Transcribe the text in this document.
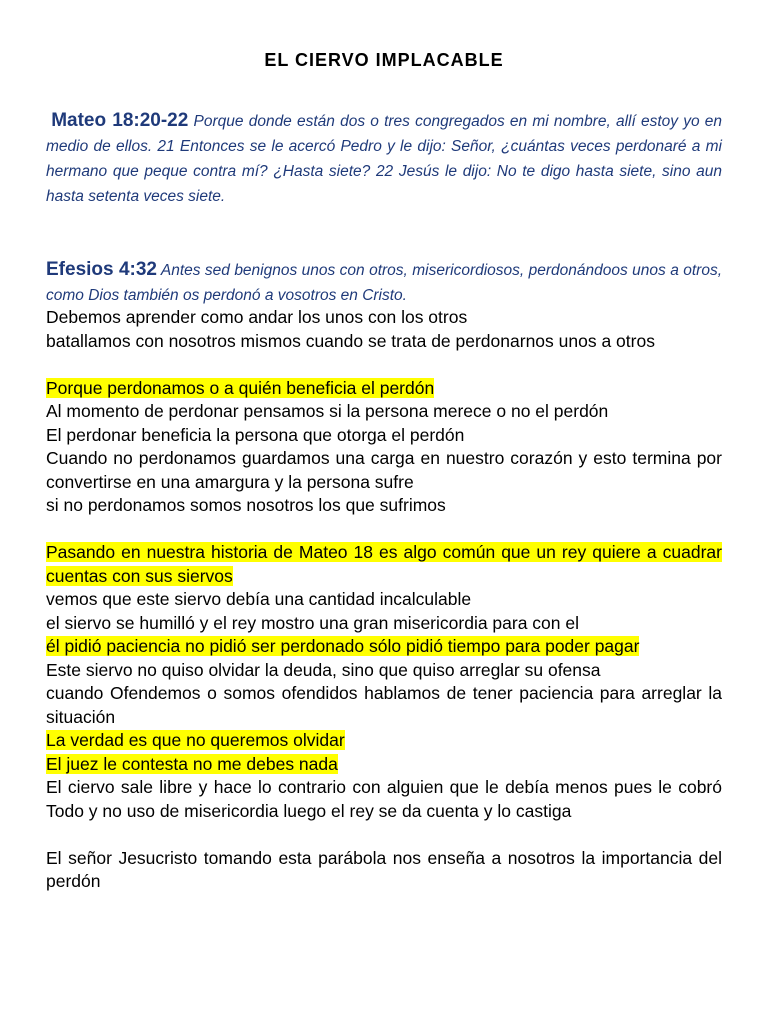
EL CIERVO IMPLACABLE
Mateo 18:20-22 Porque donde están dos o tres congregados en mi nombre, allí estoy yo en medio de ellos. 21 Entonces se le acercó Pedro y le dijo: Señor, ¿cuántas veces perdonaré a mi hermano que peque contra mí? ¿Hasta siete? 22 Jesús le dijo: No te digo hasta siete, sino aun hasta setenta veces siete.
Efesios 4:32 Antes sed benignos unos con otros, misericordiosos, perdonándoos unos a otros, como Dios también os perdonó a vosotros en Cristo.

Debemos aprender como andar los unos con los otros

batallamos con nosotros mismos cuando se trata de perdonarnos unos a otros

Porque perdonamos o a quién beneficia el perdón

Al momento de perdonar pensamos si la persona merece o no el perdón

El perdonar beneficia la persona que otorga el perdón

Cuando no perdonamos guardamos una carga en nuestro corazón y esto termina por convertirse en una amargura y la persona sufre

si no perdonamos somos nosotros los que sufrimos

Pasando en nuestra historia de Mateo 18 es algo común que un rey quiere a cuadrar cuentas con sus siervos

vemos que este siervo debía una cantidad incalculable

el siervo se humilló y el rey mostro una gran misericordia para con el

él pidió paciencia no pidió ser perdonado sólo pidió tiempo para poder pagar

Este siervo no quiso olvidar la deuda, sino que quiso arreglar su ofensa

cuando Ofendemos o somos ofendidos hablamos de tener paciencia para arreglar la situación

La verdad es que no queremos olvidar

El juez le contesta no me debes nada

El ciervo sale libre y hace lo contrario con alguien que le debía menos pues le cobró Todo y no uso de misericordia luego el rey se da cuenta y lo castiga

El señor Jesucristo tomando esta parábola nos enseña a nosotros la importancia del perdón
